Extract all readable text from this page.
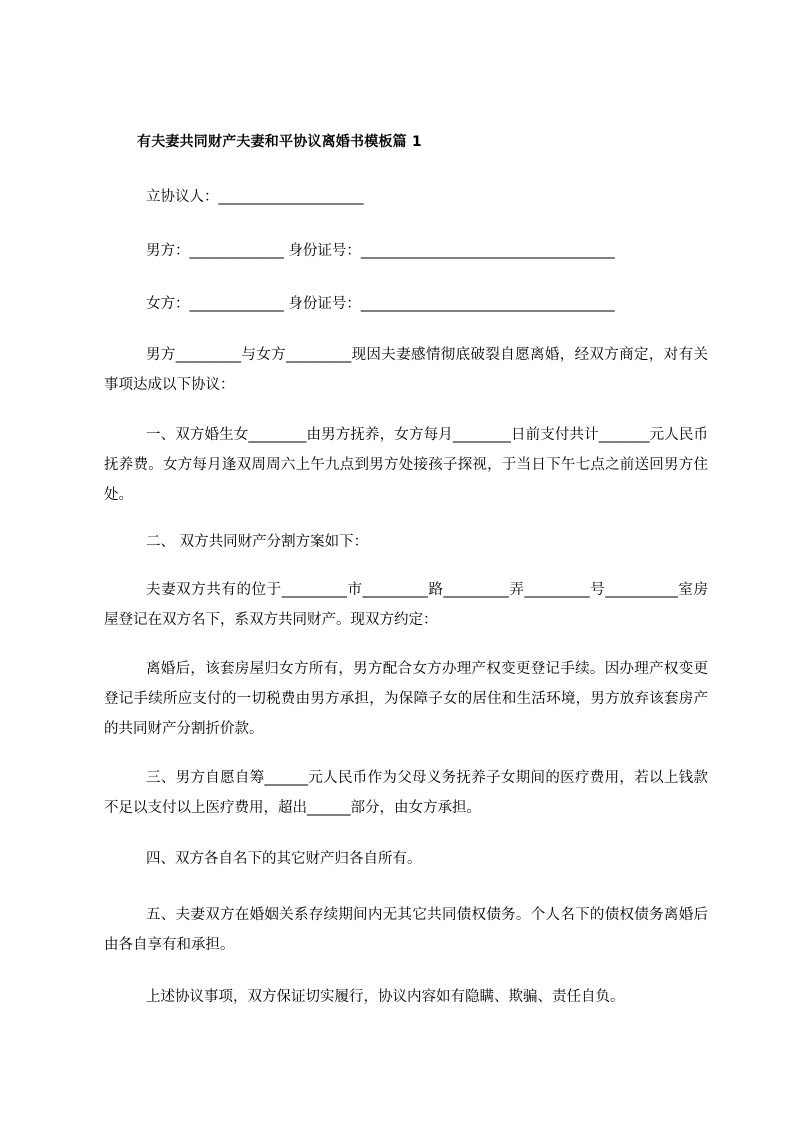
有夫妻共同财产夫妻和平协议离婚书模板篇 1
立协议人：____________________
男方：_____________ 身份证号：___________________________________
女方：_____________ 身份证号：___________________________________
男方_________与女方_________现因夫妻感情彻底破裂自愿离婚，经双方商定，对有关事项达成以下协议：
一、双方婚生女________由男方抚养，女方每月________日前支付共计_______元人民币抚养费。女方每月逢双周周六上午九点到男方处接孩子探视，于当日下午七点之前送回男方住处。
二、 双方共同财产分割方案如下：
夫妻双方共有的位于_________市_________路_________弄_________号__________室房屋登记在双方名下，系双方共同财产。现双方约定：
离婚后，该套房屋归女方所有，男方配合女方办理产权变更登记手续。因办理产权变更登记手续所应支付的一切税费由男方承担，为保障子女的居住和生活环境，男方放弃该套房产的共同财产分割折价款。
三、男方自愿自筹______元人民币作为父母义务抚养子女期间的医疗费用，若以上钱款不足以支付以上医疗费用，超出______部分，由女方承担。
四、双方各自名下的其它财产归各自所有。
五、夫妻双方在婚姻关系存续期间内无其它共同债权债务。个人名下的债权债务离婚后由各自享有和承担。
上述协议事项，双方保证切实履行，协议内容如有隐瞒、欺骗、责任自负。
